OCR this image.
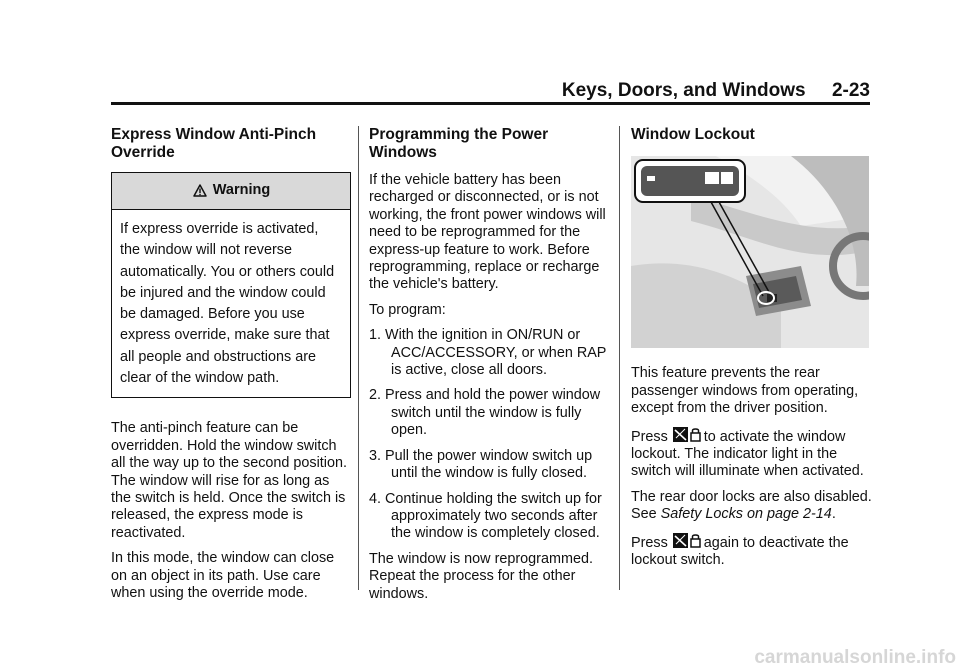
Keys, Doors, and Windows     2-23
Express Window Anti-Pinch Override
Warning
If express override is activated, the window will not reverse automatically. You or others could be injured and the window could be damaged. Before you use express override, make sure that all people and obstructions are clear of the window path.

The anti-pinch feature can be overridden. Hold the window switch all the way up to the second position. The window will rise for as long as the switch is held. Once the switch is released, the express mode is reactivated.

In this mode, the window can close on an object in its path. Use care when using the override mode.

Programming the Power Windows

If the vehicle battery has been recharged or disconnected, or is not working, the front power windows will need to be reprogrammed for the express-up feature to work. Before reprogramming, replace or recharge the vehicle's battery.

To program:

1. With the ignition in ON/RUN or ACC/ACCESSORY, or when RAP is active, close all doors.
2. Press and hold the power window switch until the window is fully open.
3. Pull the power window switch up until the window is fully closed.
4. Continue holding the switch up for approximately two seconds after the window is completely closed.

The window is now reprogrammed. Repeat the process for the other windows.

Window Lockout

This feature prevents the rear passenger windows from operating, except from the driver position.

Press	to activate the window lockout. The indicator light in the switch will illuminate when activated.

The rear door locks are also disabled. See Safety Locks on page 2-14.

Press	again to deactivate the lockout switch.

carmanualsonline.info
